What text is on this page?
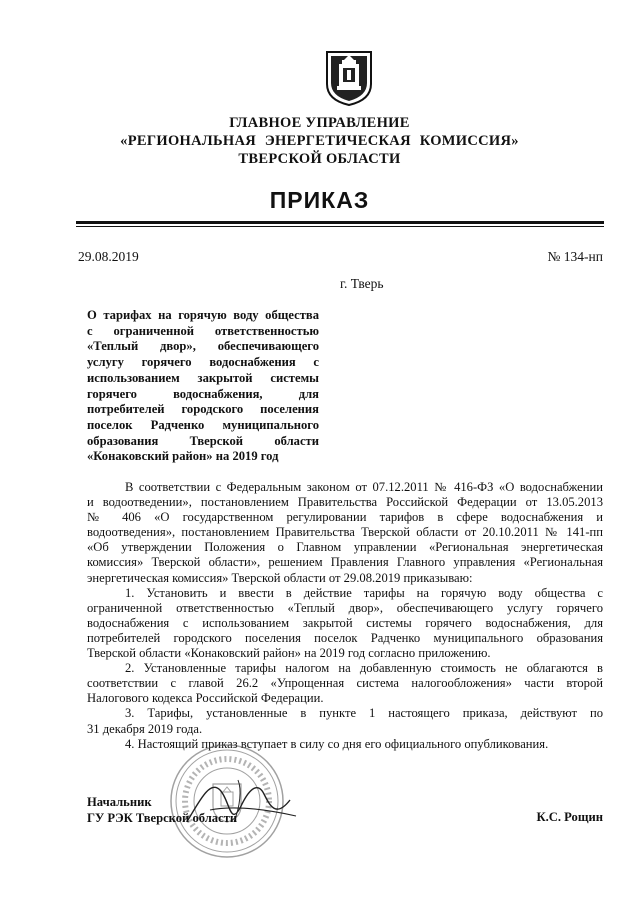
ГЛАВНОЕ УПРАВЛЕНИЕ
«РЕГИОНАЛЬНАЯ ЭНЕРГЕТИЧЕСКАЯ КОМИССИЯ»
ТВЕРСКОЙ ОБЛАСТИ
ПРИКАЗ
29.08.2019	№ 134-нп
г. Тверь
О тарифах на горячую воду общества
с ограниченной ответственностью
«Теплый двор», обеспечивающего
услугу горячего водоснабжения с
использованием закрытой системы
горячего водоснабжения, для
потребителей городского поселения
поселок Радченко муниципального
образования Тверской области
«Конаковский район» на 2019 год
В соответствии с Федеральным законом от 07.12.2011 № 416-ФЗ «О водоснабжении
и водоотведении», постановлением Правительства Российской Федерации от 13.05.2013
№ 406 «О государственном регулировании тарифов в сфере водоснабжения и
водоотведения», постановлением Правительства Тверской области от 20.10.2011 № 141-пп
«Об утверждении Положения о Главном управлении «Региональная энергетическая
комиссия» Тверской области», решением Правления Главного управления «Региональная
энергетическая комиссия» Тверской области от 29.08.2019 приказываю:
1. Установить и ввести в действие тарифы на горячую воду общества с
ограниченной ответственностью «Теплый двор», обеспечивающего услугу горячего
водоснабжения с использованием закрытой системы горячего водоснабжения, для
потребителей городского поселения поселок Радченко муниципального образования
Тверской области «Конаковский район» на 2019 год согласно приложению.
2. Установленные тарифы налогом на добавленную стоимость не облагаются в
соответствии с главой 26.2 «Упрощенная система налогообложения» части второй
Налогового кодекса Российской Федерации.
3. Тарифы, установленные в пункте 1 настоящего приказа, действуют по
31 декабря 2019 года.
4. Настоящий приказ вступает в силу со дня его официального опубликования.
Начальник
ГУ РЭК Тверской области	К.С. Рощин
